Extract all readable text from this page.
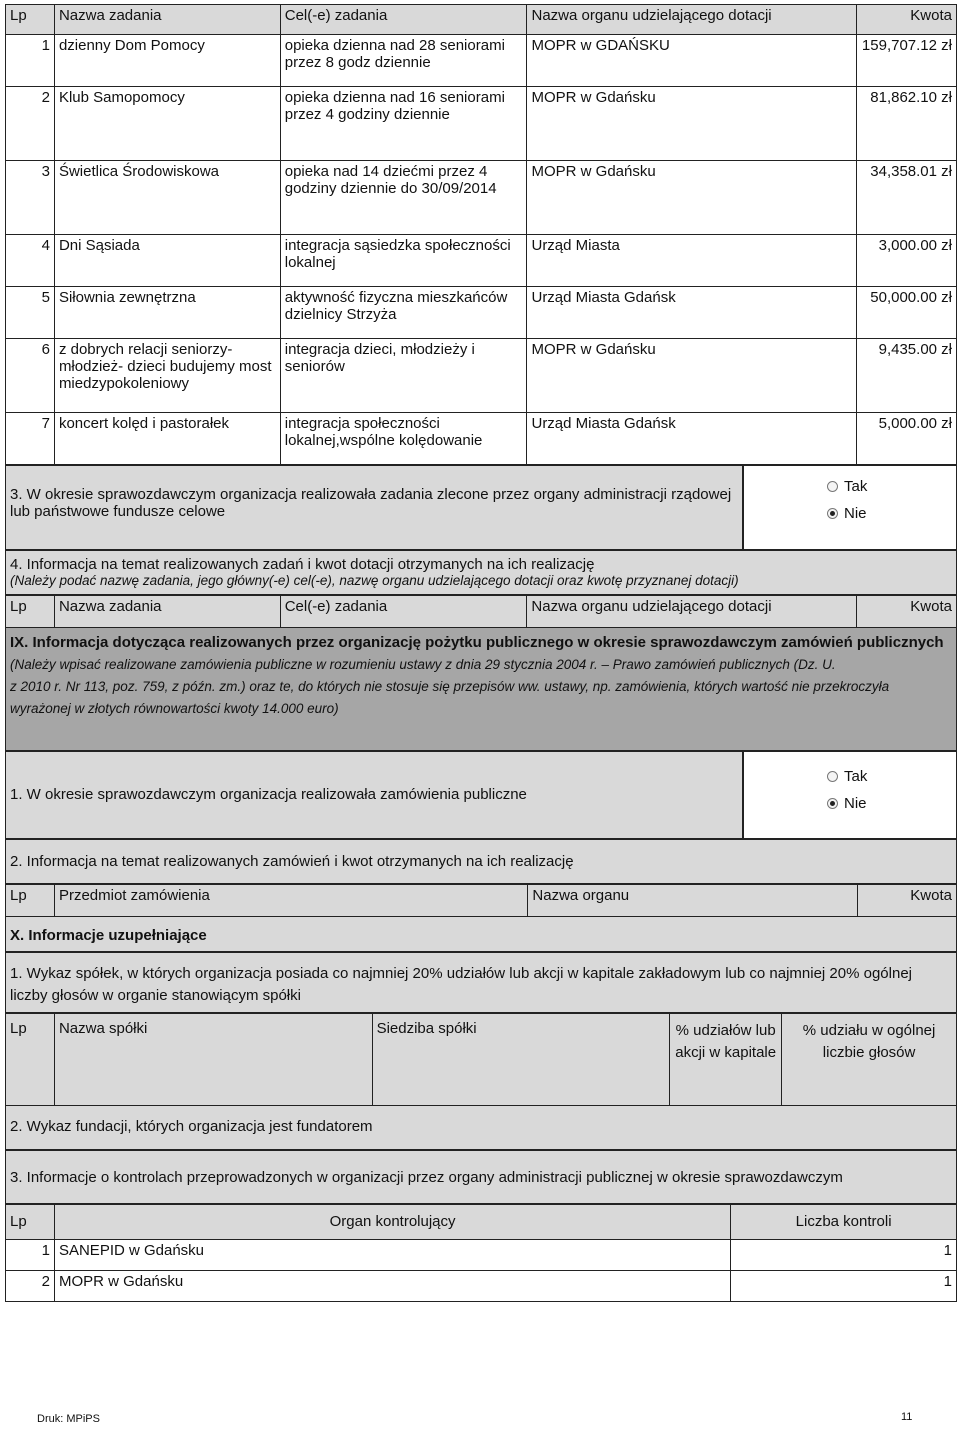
Lp	Nazwa zadania	Cel(-e) zadania	Nazwa organu udzielającego dotacji	Kwota
1	dzienny Dom Pomocy	opieka dzienna nad 28 seniorami przez 8 godz dziennie	MOPR w GDAŃSKU	159,707.12 zł
2	Klub Samopomocy	opieka dzienna nad 16 seniorami przez 4 godziny dziennie	MOPR w Gdańsku	81,862.10 zł
3	Świetlica Środowiskowa	opieka nad 14 dziećmi przez 4 godziny dziennie do 30/09/2014	MOPR w Gdańsku	34,358.01 zł
4	Dni Sąsiada	integracja sąsiedzka społeczności lokalnej	Urząd Miasta	3,000.00 zł
5	Siłownia zewnętrzna	aktywność fizyczna mieszkańców dzielnicy Strzyża	Urząd Miasta Gdańsk	50,000.00 zł
6	z dobrych relacji seniorzy-młodzież- dzieci budujemy most miedzypokoleniowy	integracja dzieci, młodzieży i seniorów	MOPR w Gdańsku	9,435.00 zł
7	koncert kolęd i pastorałek	integracja społeczności lokalnej,wspólne kolędowanie	Urząd Miasta Gdańsk	5,000.00 zł
3. W okresie sprawozdawczym organizacja realizowała zadania zlecone przez organy administracji rządowej lub państwowe fundusze celowe
Tak
Nie
4. Informacja na temat realizowanych zadań i kwot dotacji otrzymanych na ich realizację
(Należy podać nazwę zadania, jego główny(-e) cel(-e), nazwę organu udzielającego dotacji oraz kwotę przyznanej dotacji)
Lp	Nazwa zadania	Cel(-e) zadania	Nazwa organu udzielającego dotacji	Kwota
IX. Informacja dotycząca realizowanych przez organizację pożytku publicznego w okresie sprawozdawczym zamówień publicznych
(Należy wpisać realizowane zamówienia publiczne w rozumieniu ustawy z dnia 29 stycznia 2004 r. – Prawo zamówień publicznych (Dz. U.
z 2010 r. Nr 113, poz. 759, z późn. zm.) oraz te, do których nie stosuje się przepisów ww. ustawy, np. zamówienia, których wartość nie przekroczyła wyrażonej w złotych równowartości kwoty 14.000 euro)
1. W okresie sprawozdawczym organizacja realizowała zamówienia publiczne
Tak
Nie
2. Informacja na temat realizowanych zamówień i kwot otrzymanych na ich realizację
Lp	Przedmiot zamówienia	Nazwa organu	Kwota
X. Informacje uzupełniające
1. Wykaz spółek, w których organizacja posiada co najmniej 20% udziałów lub akcji w kapitale zakładowym lub co najmniej 20% ogólnej liczby głosów w organie stanowiącym spółki
Lp	Nazwa spółki	Siedziba spółki	% udziałów lub akcji w kapitale	% udziału w ogólnej liczbie głosów
2. Wykaz fundacji, których organizacja jest fundatorem
3. Informacje o kontrolach przeprowadzonych w organizacji przez organy administracji publicznej w okresie sprawozdawczym
Lp	Organ kontrolujący	Liczba kontroli
1	SANEPID w Gdańsku	1
2	MOPR w Gdańsku	1
Druk: MPiPS	11
